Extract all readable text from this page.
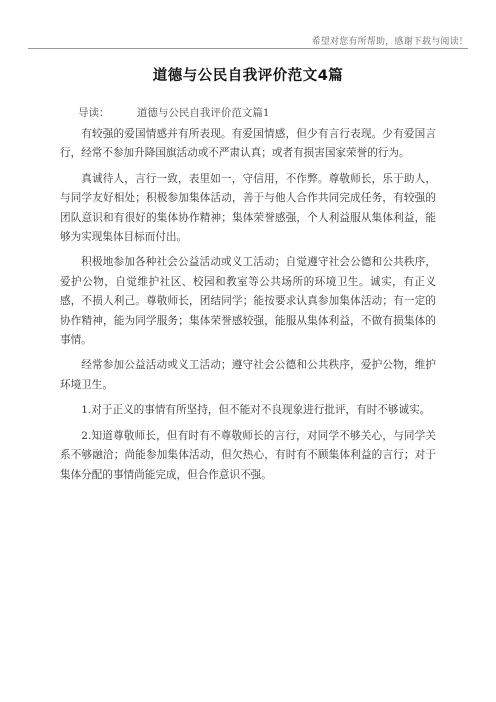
希望对您有所帮助，感谢下载与阅读！
道德与公民自我评价范文4篇
导读：	道德与公民自我评价范文篇1

有较强的爱国情感并有所表现。有爱国情感，但少有言行表现。少有爱国言行，经常不参加升降国旗活动或不严肃认真；或者有损害国家荣誉的行为。

真诚待人，言行一致，表里如一，守信用，不作弊。尊敬师长，乐于助人，与同学友好相处；积极参加集体活动，善于与他人合作共同完成任务，有较强的团队意识和有很好的集体协作精神；集体荣誉感强，个人利益服从集体利益，能够为实现集体目标而付出。

积极地参加各种社会公益活动或义工活动；自觉遵守社会公德和公共秩序，爱护公物，自觉维护社区、校园和教室等公共场所的环境卫生。诚实，有正义感，不损人利己。尊敬师长，团结同学；能按要求认真参加集体活动；有一定的协作精神，能为同学服务；集体荣誉感较强，能服从集体利益，不做有损集体的事情。

经常参加公益活动或义工活动；遵守社会公德和公共秩序，爱护公物，维护环境卫生。

1.对于正义的事情有所坚持，但不能对不良现象进行批评，有时不够诚实。

2.知道尊敬师长，但有时有不尊敬师长的言行，对同学不够关心，与同学关系不够融洽；尚能参加集体活动，但欠热心，有时有不顾集体利益的言行；对于集体分配的事情尚能完成，但合作意识不强。
